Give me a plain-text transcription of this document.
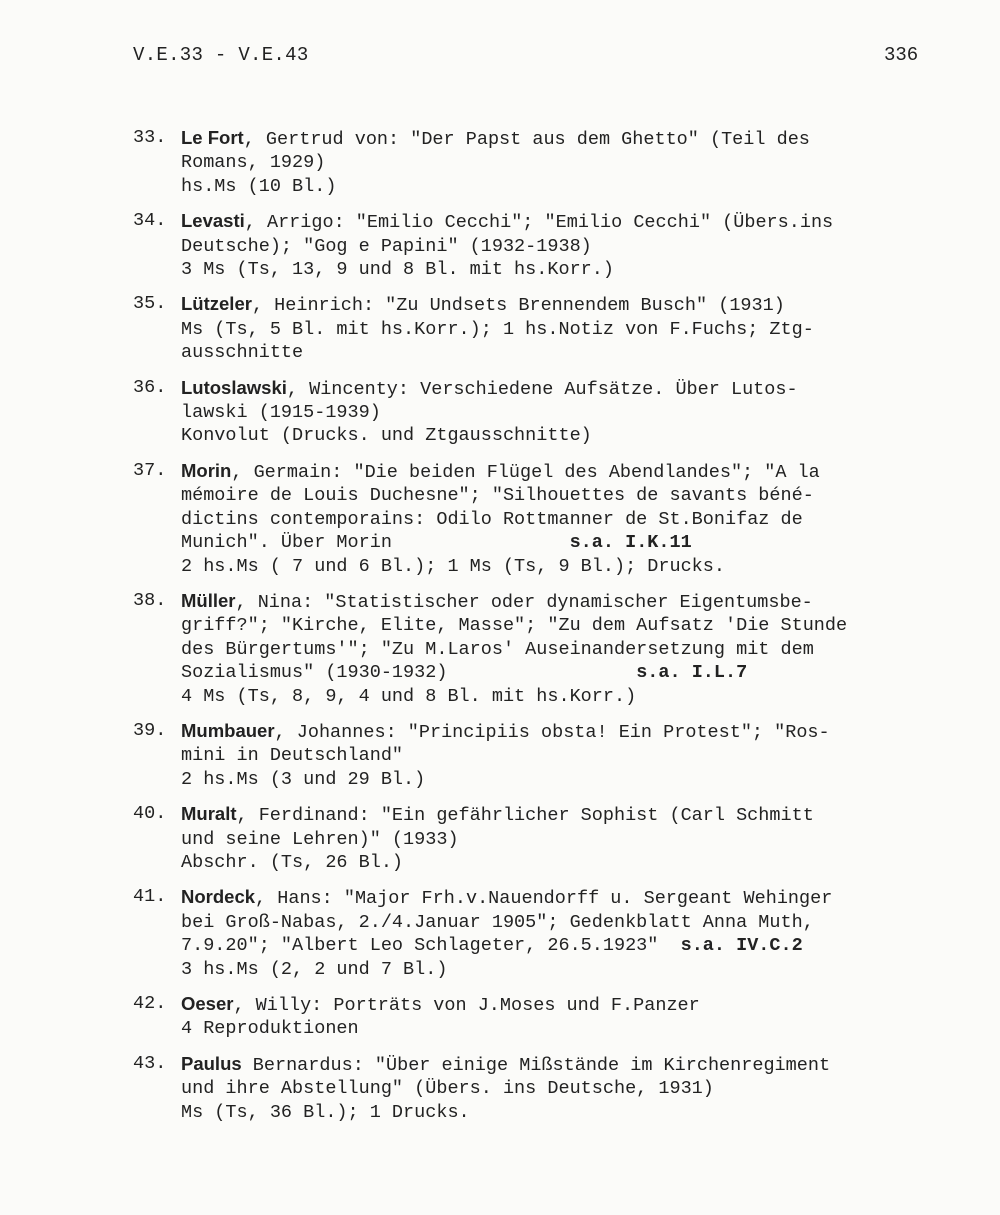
V.E.33 - V.E.43	336
33. Le Fort, Gertrud von: "Der Papst aus dem Ghetto" (Teil des
Romans, 1929)
hs.Ms (10 Bl.)
34. Levasti, Arrigo: "Emilio Cecchi"; "Emilio Cecchi" (Übers.ins
Deutsche); "Gog e Papini" (1932-1938)
3 Ms (Ts, 13, 9 und 8 Bl. mit hs.Korr.)
35. Lützeler, Heinrich: "Zu Undsets Brennendem Busch" (1931)
Ms (Ts, 5 Bl. mit hs.Korr.); 1 hs.Notiz von F.Fuchs; Ztg-
ausschnitte
36. Lutoslawski, Wincenty: Verschiedene Aufsätze. Über Lutos-
lawski (1915-1939)
Konvolut (Drucks. und Ztgausschnitte)
37. Morin, Germain: "Die beiden Flügel des Abendlandes"; "A la
mémoire de Louis Duchesne"; "Silhouettes de savants béné-
dictins contemporains: Odilo Rottmanner de St.Bonifaz de
Munich". Über Morin                s.a. I.K.11
2 hs.Ms ( 7 und 6 Bl.); 1 Ms (Ts, 9 Bl.); Drucks.
38. Müller, Nina: "Statistischer oder dynamischer Eigentumsbe-
griff?"; "Kirche, Elite, Masse"; "Zu dem Aufsatz 'Die Stunde
des Bürgertums'"; "Zu M.Laros' Auseinandersetzung mit dem
Sozialismus" (1930-1932)                 s.a. I.L.7
4 Ms (Ts, 8, 9, 4 und 8 Bl. mit hs.Korr.)
39. Mumbauer, Johannes: "Principiis obsta! Ein Protest"; "Ros-
mini in Deutschland"
2 hs.Ms (3 und 29 Bl.)
40. Muralt, Ferdinand: "Ein gefährlicher Sophist (Carl Schmitt
und seine Lehren)" (1933)
Abschr. (Ts, 26 Bl.)
41. Nordeck, Hans: "Major Frh.v.Nauendorff u. Sergeant Wehinger
bei Groß-Nabas, 2./4.Januar 1905"; Gedenkblatt Anna Muth,
7.9.20"; "Albert Leo Schlageter, 26.5.1923"  s.a. IV.C.2
3 hs.Ms (2, 2 und 7 Bl.)
42. Oeser, Willy: Porträts von J.Moses und F.Panzer
4 Reproduktionen
43. Paulus Bernardus: "Über einige Mißstände im Kirchenregiment
und ihre Abstellung" (Übers. ins Deutsche, 1931)
Ms (Ts, 36 Bl.); 1 Drucks.
